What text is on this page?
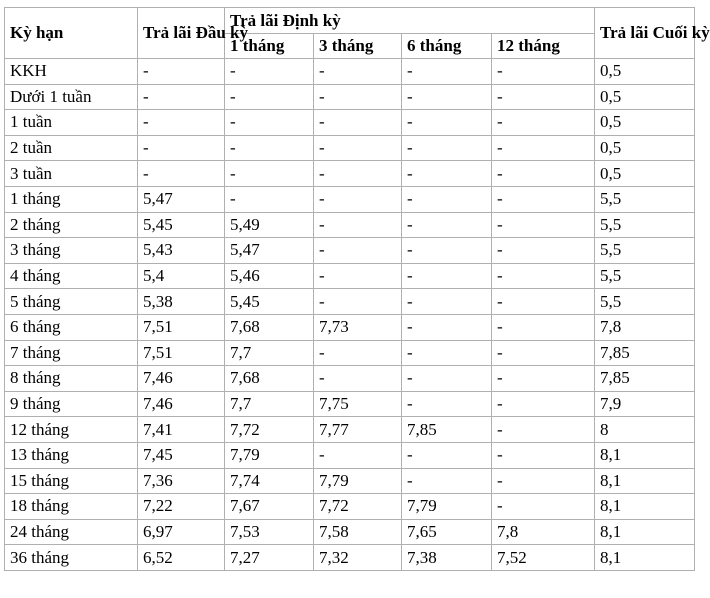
Kỳ hạn	Trả lãi Đầu kỳ	Trả lãi Định kỳ				Trả lãi Cuối kỳ
		1 tháng	3 tháng	6 tháng	12 tháng	
KKH	-	-	-	-	-	0,5
Dưới 1 tuần	-	-	-	-	-	0,5
1 tuần	-	-	-	-	-	0,5
2 tuần	-	-	-	-	-	0,5
3 tuần	-	-	-	-	-	0,5
1 tháng	5,47	-	-	-	-	5,5
2 tháng	5,45	5,49	-	-	-	5,5
3 tháng	5,43	5,47	-	-	-	5,5
4 tháng	5,4	5,46	-	-	-	5,5
5 tháng	5,38	5,45	-	-	-	5,5
6 tháng	7,51	7,68	7,73	-	-	7,8
7 tháng	7,51	7,7	-	-	-	7,85
8 tháng	7,46	7,68	-	-	-	7,85
9 tháng	7,46	7,7	7,75	-	-	7,9
12 tháng	7,41	7,72	7,77	7,85	-	8
13 tháng	7,45	7,79	-	-	-	8,1
15 tháng	7,36	7,74	7,79	-	-	8,1
18 tháng	7,22	7,67	7,72	7,79	-	8,1
24 tháng	6,97	7,53	7,58	7,65	7,8	8,1
36 tháng	6,52	7,27	7,32	7,38	7,52	8,1
